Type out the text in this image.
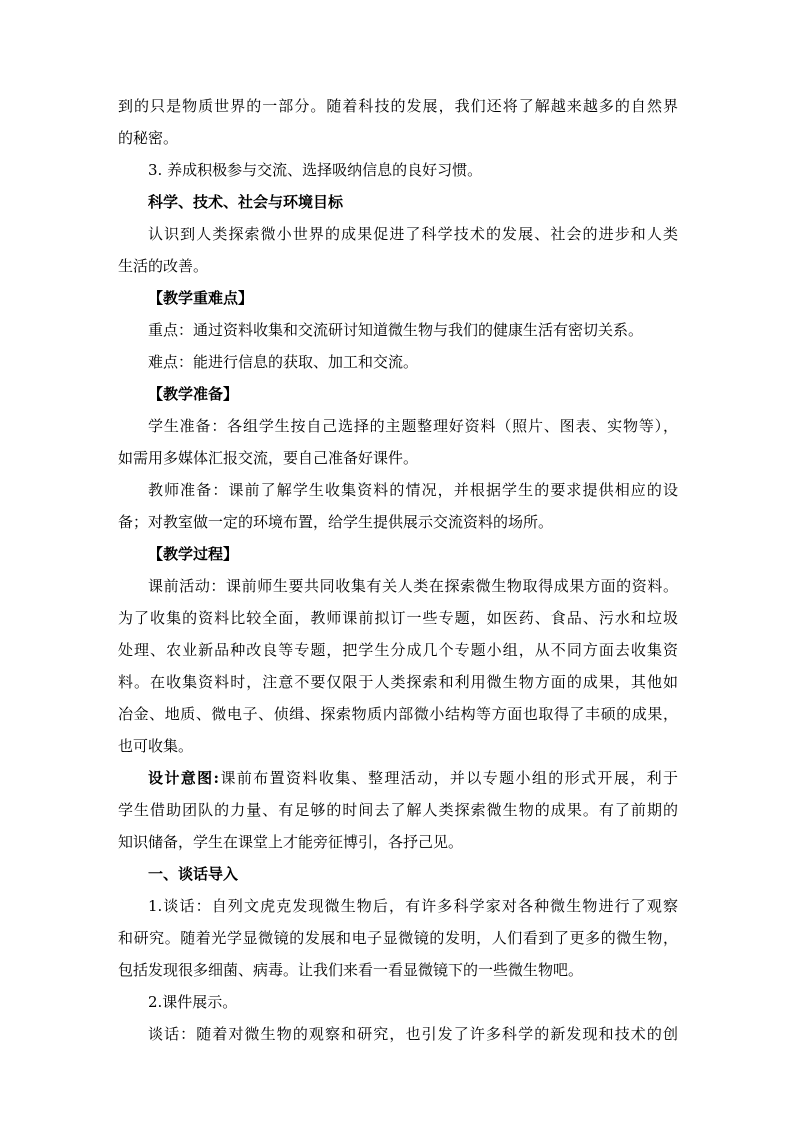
到的只是物质世界的一部分。随着科技的发展，我们还将了解越来越多的自然界
的秘密。
3. 养成积极参与交流、选择吸纳信息的良好习惯。
科学、技术、社会与环境目标
认识到人类探索微小世界的成果促进了科学技术的发展、社会的进步和人类
生活的改善。
【教学重难点】
重点：通过资料收集和交流研讨知道微生物与我们的健康生活有密切关系。
难点：能进行信息的获取、加工和交流。
【教学准备】
学生准备：各组学生按自己选择的主题整理好资料（照片、图表、实物等），
如需用多媒体汇报交流，要自己准备好课件。
教师准备：课前了解学生收集资料的情况，并根据学生的要求提供相应的设
备；对教室做一定的环境布置，给学生提供展示交流资料的场所。
【教学过程】
课前活动：课前师生要共同收集有关人类在探索微生物取得成果方面的资料。
为了收集的资料比较全面，教师课前拟订一些专题，如医药、食品、污水和垃圾
处理、农业新品种改良等专题，把学生分成几个专题小组，从不同方面去收集资
料。在收集资料时，注意不要仅限于人类探索和利用微生物方面的成果，其他如
冶金、地质、微电子、侦缉、探索物质内部微小结构等方面也取得了丰硕的成果，
也可收集。
设计意图:课前布置资料收集、整理活动，并以专题小组的形式开展，利于
学生借助团队的力量、有足够的时间去了解人类探索微生物的成果。有了前期的
知识储备，学生在课堂上才能旁征博引，各抒己见。
一、谈话导入
1.谈话：自列文虎克发现微生物后，有许多科学家对各种微生物进行了观察
和研究。随着光学显微镜的发展和电子显微镜的发明，人们看到了更多的微生物，
包括发现很多细菌、病毒。让我们来看一看显微镜下的一些微生物吧。
2.课件展示。
谈话：随着对微生物的观察和研究，也引发了许多科学的新发现和技术的创
